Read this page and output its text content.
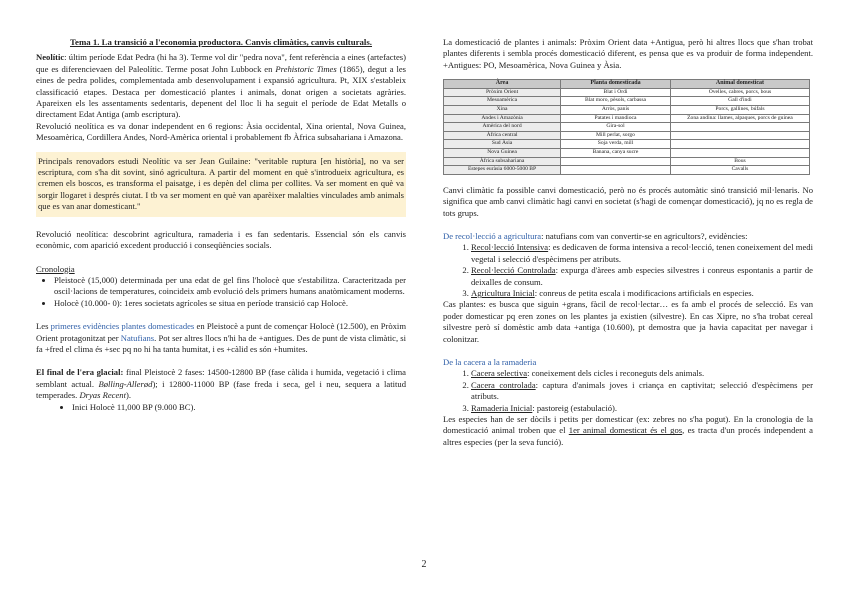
Tema 1. La transició a l'economia productora. Canvis climàtics, canvis culturals.

Neolític: últim període Edat Pedra (hi ha 3). Terme vol dir "pedra nova", fent referència a eines (artefactes) que es diferencievaen del Paleolític. Terme posat John Lubbock en Prehistoric Times (1865), degut a les eines de pedra polides, complementada amb desenvolupament i expansió agricultura. Pt, XIX s'estableix classificació etapes. Destaca per domesticació plantes i animals, donat origen a societats agràries. Apareixen els les assentaments sedentaris, depenent del lloc li ha seguit el període de Edat Metalls o directament Edat Antiga (amb escriptura).

Revolució neolítica es va donar independent en 6 regions: Àsia occidental, Xina oriental, Nova Guinea, Mesoamèrica, Cordillera Andes, Nord-Amèrica oriental i probablement fb Àfrica subsahariana i Amazona.

Principals renovadors estudi Neolític va ser Jean Guilaine: "veritable ruptura [en història], no va ser escriptura, com s'ha dit sovint, sinó agricultura. A partir del moment en què s'introdueix agricultura, es cremen els boscos, es transforma el paisatge, i es depèn del clima per collites. Va ser moment en què va sorgir llogaret i després ciutat. I tb va ser moment en què van aparèixer malalties vinculades amb animals que es van anar domesticant."

Revolució neolítica: descobrint agricultura, ramaderia i es fan sedentaris. Essencial són els canvis econòmic, com aparició excedent producció i conseqüències socials.

Cronologia

• Pleistocè (15,000) determinada per una edat de gel fins l'holocè que s'estabilitza. Caracteritzada per oscil·lacions de temperatures, coincideix amb evolució dels primers humans anatòmicament moderns.
• Holocè (10.000- 0): 1eres societats agrícoles se situa en període transició cap Holocè.

Les primeres evidències plantes domesticades en Pleistocè a punt de començar Holocè (12.500), en Pròxim Orient protagonitzat per Natufians. Pot ser altres llocs n'hi ha de +antigues. Des de punt de vista climàtic, si fa +fred el clima és +sec pq no hi ha tanta humitat, i es +càlid es són +humites.

El final de l'era glacial: final Pleistocè 2 fases: 14500-12800 BP (fase càlida i humida, vegetació i clima semblant actual. Bølling-Allerød); i 12800-11000 BP (fase freda i seca, gel i neu, sequera a latitud temperades. Dryas Recent).

• Inici Holocè 11,000 BP (9.000 BC).

La domesticació de plantes i animals: Pròxim Orient data +Antigua, però hi altres llocs que s'han trobat plantes diferents i sembla procés domesticació diferent, es pensa que es va produir de forma independent. +Antigues: PO, Mesoamèrica, Nova Guinea y Àsia.

Àrea	Planta domesticada	Animal domesticat
Pròxim Orient	Blat i Ordi	Ovelles, cabres, porcs, bous
Mesoamèrica	Blat moro, pèsols, carbassa	Gall d'indi
Xina	Arròs, panís	Porcs, gallines, búfals
Andes i Amazònia	Patates i mandioca	Zona andina: llames, alpaques, porcs de guinea
Amèrica del nord	Gira-sol	
Àfrica central	Mill perlat, sorgo	
Sud Àsia	Soja verda, mill	
Nova Guinea	Banana, canya sucre	
Àfrica subsahariana		Bous
Estepes euràsia 6000-5000 BP		Cavalls

Canvi climàtic fa possible canvi domesticació, però no és procés automàtic sinó transició mil·lenaris. No significa que amb canvi climàtic hagi canvi en societat (s'hagi de començar domesticació), jq no es regla de tots grups.

De recol·lecció a agricultura: natufians com van convertir-se en agricultors?, evidències:

1. Recol·lecció Intensiva: es dedicaven de forma intensiva a recol·lecció, tenen coneixement del medi vegetal i selecció d'espècimens per atributs.
2. Recol·lecció Controlada: expurga d'àrees amb especies silvestres i conreus espontanis a partir de deixalles de consum.
3. Agricultura Inicial: conreus de petita escala i modificacions artificials en especies.

Cas plantes: es busca que siguin +grans, fàcil de recol·lectar… es fa amb el procés de selecció. Es van poder domesticar pq eren zones on les plantes ja existien (silvestre). En cas Xipre, no s'ha trobat cereal silvestre però sí domèstic amb data +antiga (10.600), pt demostra que ja havia capacitat per navegar i colonitzar.

De la cacera a la ramaderia

1. Cacera selectiva: coneixement dels cicles i reconeguts dels animals.
2. Cacera controlada: captura d'animals joves i criança en captivitat; selecció d'espècimens per atributs.
3. Ramaderia Inicial: pastoreig (estabulació).

Les especies han de ser dòcils i petits per domesticar (ex: zebres no s'ha pogut). En la cronologia de la domesticació animal troben que el 1er animal domesticat és el gos, es tracta d'un procés independent a altres especies (per la seva funció).

2
